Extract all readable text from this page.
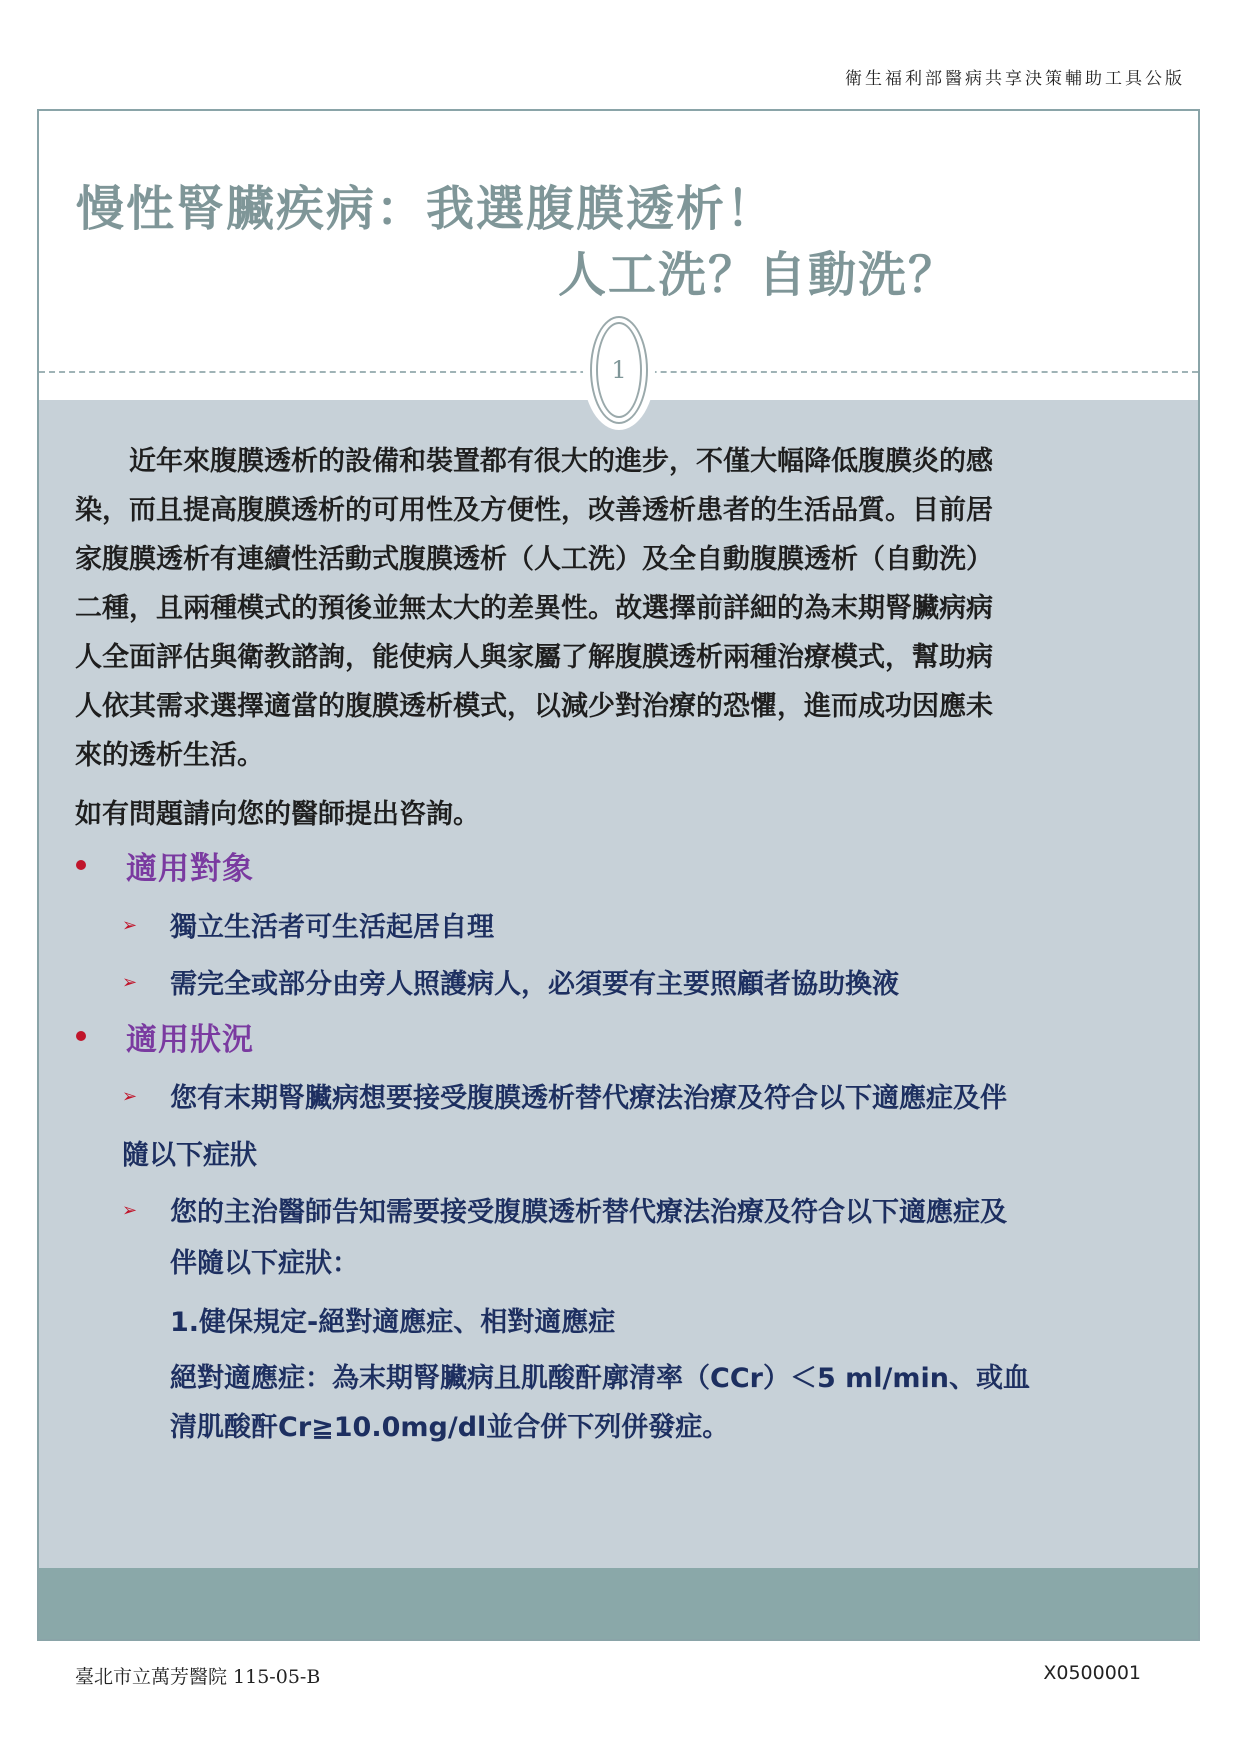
衛生福利部醫病共享決策輔助工具公版
慢性腎臟疾病：我選腹膜透析！
人工洗？自動洗？
1
　　近年來腹膜透析的設備和裝置都有很大的進步，不僅大幅降低腹膜炎的感
染，而且提高腹膜透析的可用性及方便性，改善透析患者的生活品質。目前居
家腹膜透析有連續性活動式腹膜透析（人工洗）及全自動腹膜透析（自動洗）
二種，且兩種模式的預後並無太大的差異性。故選擇前詳細的為末期腎臟病病
人全面評估與衛教諮詢，能使病人與家屬了解腹膜透析兩種治療模式，幫助病
人依其需求選擇適當的腹膜透析模式，以減少對治療的恐懼，進而成功因應未
來的透析生活。
如有問題請向您的醫師提出咨詢。
適用對象
➢ 獨立生活者可生活起居自理
➢ 需完全或部分由旁人照護病人，必須要有主要照顧者協助換液
適用狀況
➢ 您有末期腎臟病想要接受腹膜透析替代療法治療及符合以下適應症及伴
隨以下症狀
➢ 您的主治醫師告知需要接受腹膜透析替代療法治療及符合以下適應症及
伴隨以下症狀：
1.健保規定-絕對適應症、相對適應症
絕對適應症：為末期腎臟病且肌酸酐廓清率（CCr）＜5 ml/min、或血
清肌酸酐Cr≧10.0mg/dl並合併下列併發症。
臺北市立萬芳醫院 115-05-B	X0500001
